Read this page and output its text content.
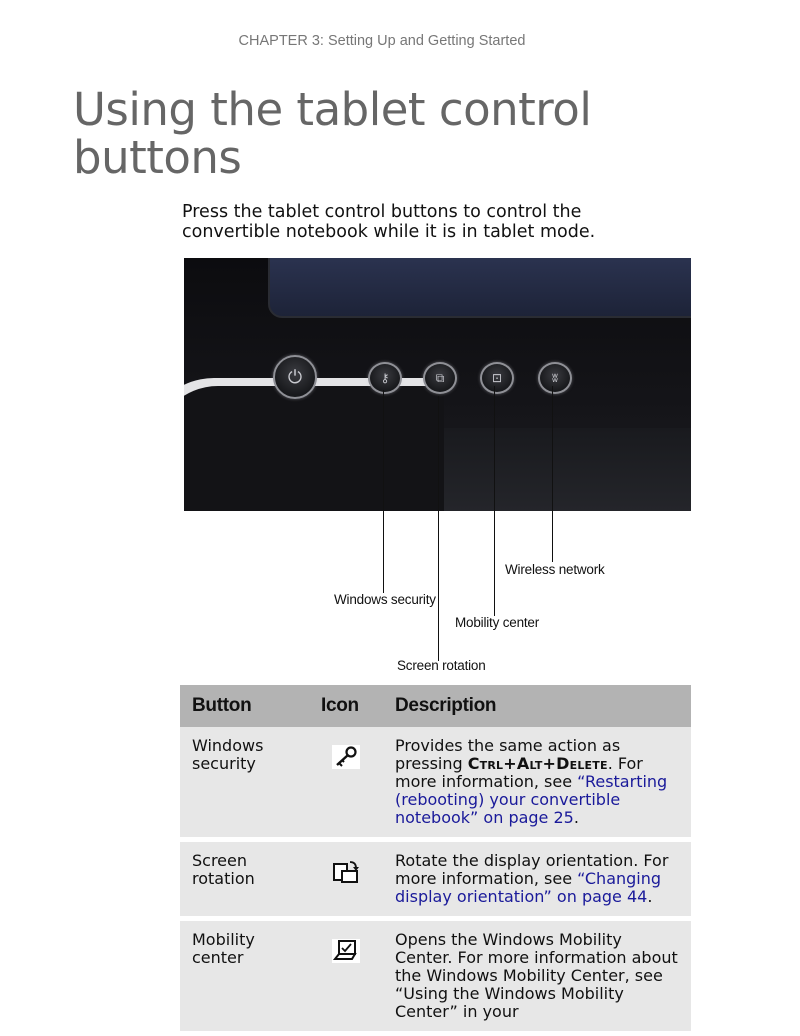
CHAPTER 3: Setting Up and Getting Started
Using the tablet control
buttons

Press the tablet control buttons to control the convertible notebook while it is in tablet mode.

⏻	⚷	⧉	⊡	ʬ
Wireless network
Windows security
Mobility center
Screen rotation
Button	Icon	Description
Windows
security		Provides the same action as pressing Ctrl+Alt+Delete. For more information, see “Restarting (rebooting) your convertible notebook” on page 25.
Screen
rotation		Rotate the display orientation. For more information, see “Changing display orientation” on page 44.
Mobility
center		Opens the Windows Mobility Center. For more information about the Windows Mobility Center, see “Using the Windows Mobility Center” in your
